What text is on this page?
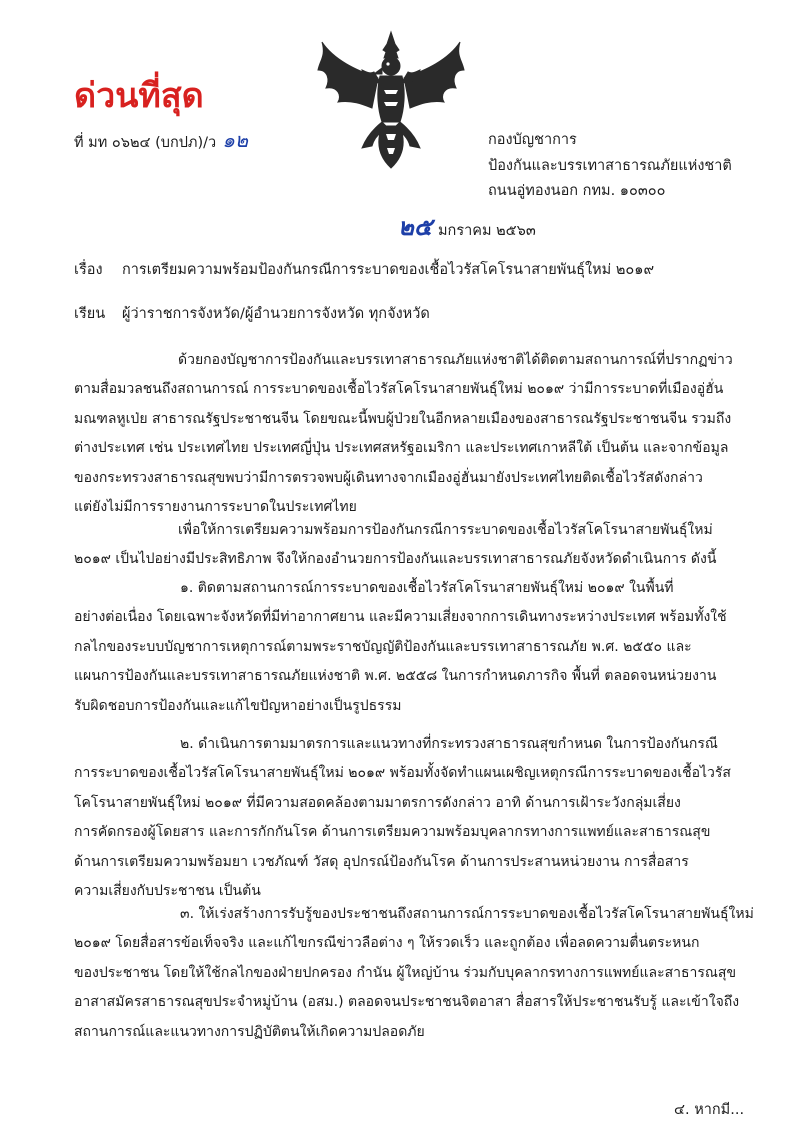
ด่วนที่สุด
ที่ มท ๐๖๒๔ (บกปภ)/ว ๑๒	กองบัญชาการ
ป้องกันและบรรเทาสาธารณภัยแห่งชาติ
ถนนอู่ทองนอก กทม. ๑๐๓๐๐
๒๕ มกราคม ๒๕๖๓
เรื่อง การเตรียมความพร้อมป้องกันกรณีการระบาดของเชื้อไวรัสโคโรนาสายพันธุ์ใหม่ ๒๐๑๙
เรียน ผู้ว่าราชการจังหวัด/ผู้อำนวยการจังหวัด ทุกจังหวัด
ด้วยกองบัญชาการป้องกันและบรรเทาสาธารณภัยแห่งชาติได้ติดตามสถานการณ์ที่ปรากฏข่าว
ตามสื่อมวลชนถึงสถานการณ์ การระบาดของเชื้อไวรัสโคโรนาสายพันธุ์ใหม่ ๒๐๑๙ ว่ามีการระบาดที่เมืองอู่ฮั่น
มณฑลหูเป่ย สาธารณรัฐประชาชนจีน โดยขณะนี้พบผู้ป่วยในอีกหลายเมืองของสาธารณรัฐประชาชนจีน รวมถึง
ต่างประเทศ เช่น ประเทศไทย ประเทศญี่ปุ่น ประเทศสหรัฐอเมริกา และประเทศเกาหลีใต้ เป็นต้น และจากข้อมูล
ของกระทรวงสาธารณสุขพบว่ามีการตรวจพบผู้เดินทางจากเมืองอู่ฮั่นมายังประเทศไทยติดเชื้อไวรัสดังกล่าว
แต่ยังไม่มีการรายงานการระบาดในประเทศไทย
เพื่อให้การเตรียมความพร้อมการป้องกันกรณีการระบาดของเชื้อไวรัสโคโรนาสายพันธุ์ใหม่
๒๐๑๙ เป็นไปอย่างมีประสิทธิภาพ จึงให้กองอำนวยการป้องกันและบรรเทาสาธารณภัยจังหวัดดำเนินการ ดังนี้
๑. ติดตามสถานการณ์การระบาดของเชื้อไวรัสโคโรนาสายพันธุ์ใหม่ ๒๐๑๙ ในพื้นที่
อย่างต่อเนื่อง โดยเฉพาะจังหวัดที่มีท่าอากาศยาน และมีความเสี่ยงจากการเดินทางระหว่างประเทศ พร้อมทั้งใช้
กลไกของระบบบัญชาการเหตุการณ์ตามพระราชบัญญัติป้องกันและบรรเทาสาธารณภัย พ.ศ. ๒๕๕๐ และ
แผนการป้องกันและบรรเทาสาธารณภัยแห่งชาติ พ.ศ. ๒๕๕๘ ในการกำหนดภารกิจ พื้นที่ ตลอดจนหน่วยงาน
รับผิดชอบการป้องกันและแก้ไขปัญหาอย่างเป็นรูปธรรม
๒. ดำเนินการตามมาตรการและแนวทางที่กระทรวงสาธารณสุขกำหนด ในการป้องกันกรณี
การระบาดของเชื้อไวรัสโคโรนาสายพันธุ์ใหม่ ๒๐๑๙ พร้อมทั้งจัดทำแผนเผชิญเหตุกรณีการระบาดของเชื้อไวรัส
โคโรนาสายพันธุ์ใหม่ ๒๐๑๙ ที่มีความสอดคล้องตามมาตรการดังกล่าว อาทิ ด้านการเฝ้าระวังกลุ่มเสี่ยง
การคัดกรองผู้โดยสาร และการกักกันโรค ด้านการเตรียมความพร้อมบุคลากรทางการแพทย์และสาธารณสุข
ด้านการเตรียมความพร้อมยา เวชภัณฑ์ วัสดุ อุปกรณ์ป้องกันโรค ด้านการประสานหน่วยงาน การสื่อสาร
ความเสี่ยงกับประชาชน เป็นต้น
๓. ให้เร่งสร้างการรับรู้ของประชาชนถึงสถานการณ์การระบาดของเชื้อไวรัสโคโรนาสายพันธุ์ใหม่
๒๐๑๙ โดยสื่อสารข้อเท็จจริง และแก้ไขกรณีข่าวลือต่าง ๆ ให้รวดเร็ว และถูกต้อง เพื่อลดความตื่นตระหนก
ของประชาชน โดยให้ใช้กลไกของฝ่ายปกครอง กำนัน ผู้ใหญ่บ้าน ร่วมกับบุคลากรทางการแพทย์และสาธารณสุข
อาสาสมัครสาธารณสุขประจำหมู่บ้าน (อสม.) ตลอดจนประชาชนจิตอาสา สื่อสารให้ประชาชนรับรู้ และเข้าใจถึง
สถานการณ์และแนวทางการปฏิบัติตนให้เกิดความปลอดภัย
๔. หากมี...
